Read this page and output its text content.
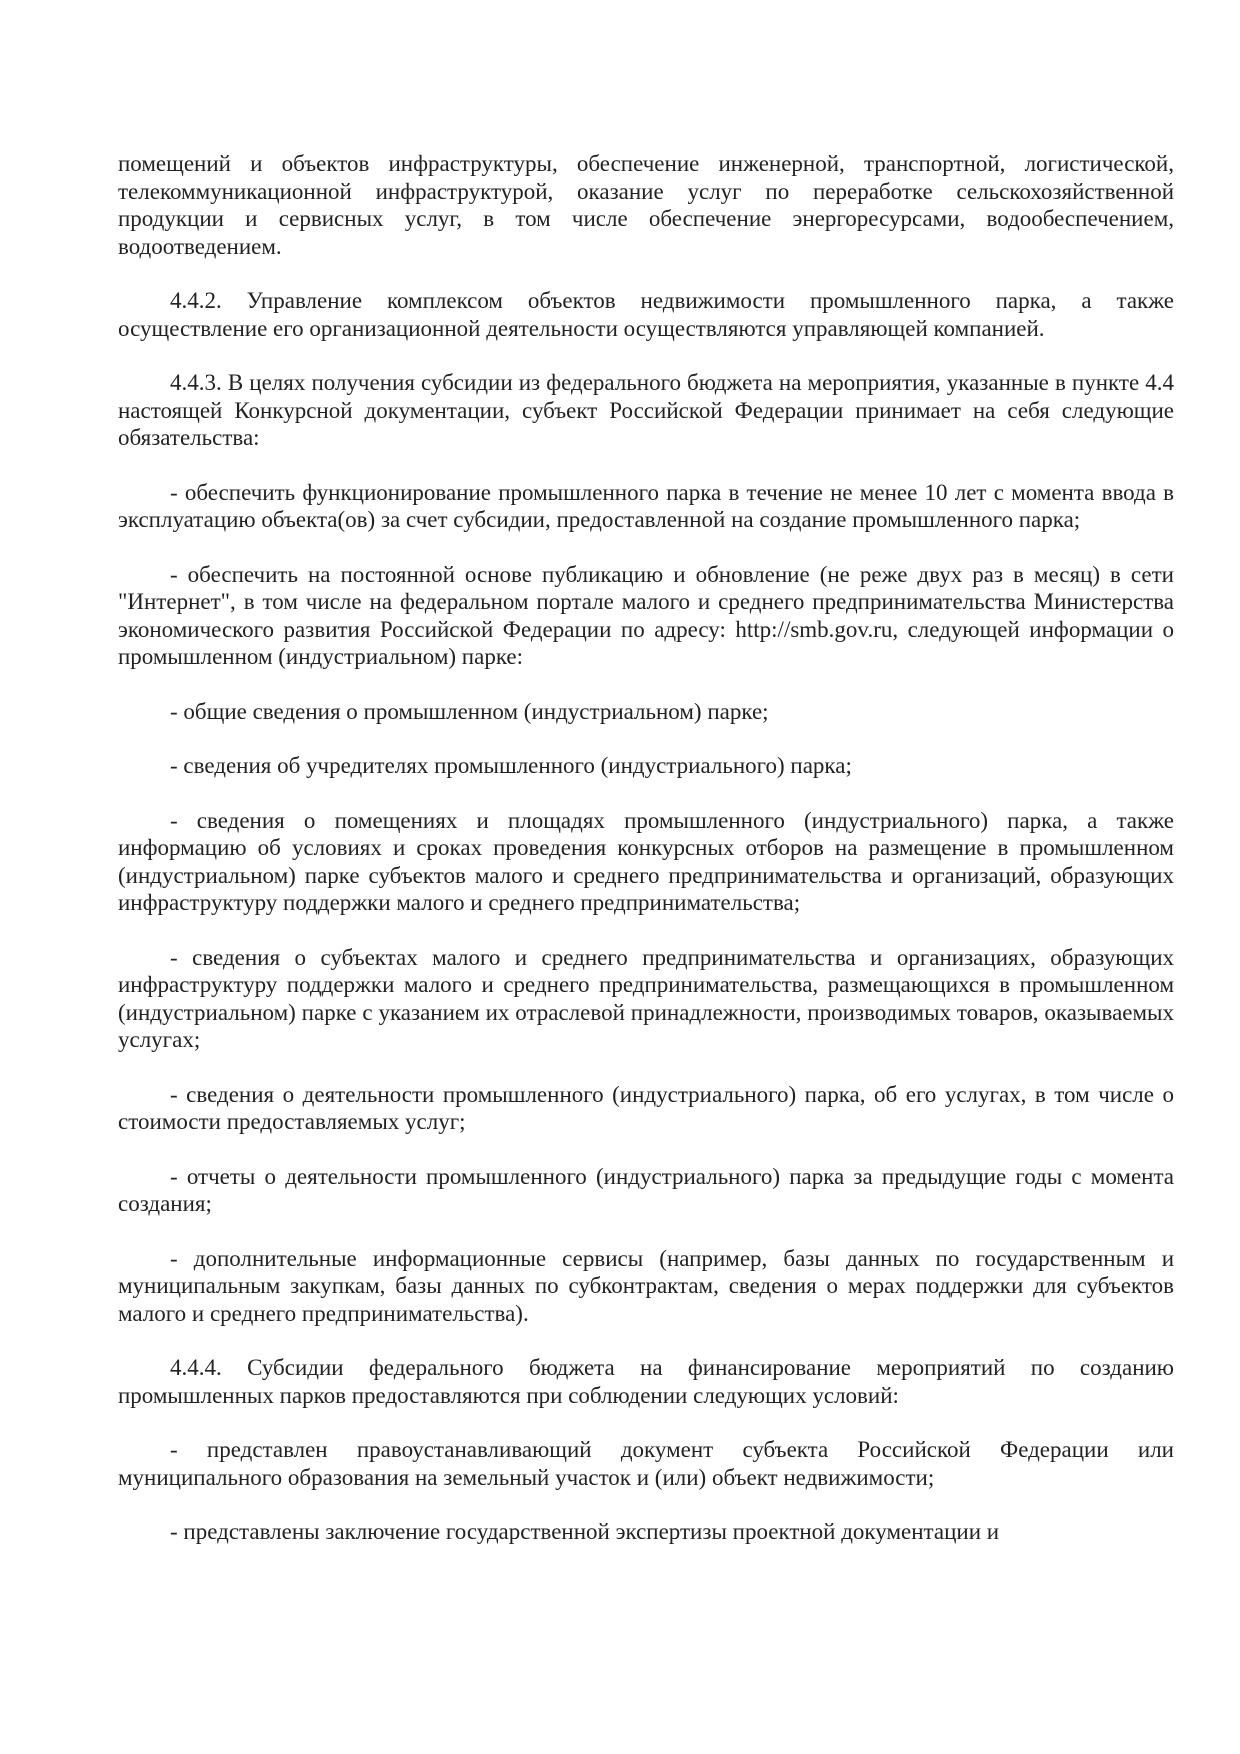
помещений и объектов инфраструктуры, обеспечение инженерной, транспортной, логистической, телекоммуникационной инфраструктурой, оказание услуг по переработке сельскохозяйственной продукции и сервисных услуг, в том числе обеспечение энергоресурсами, водообеспечением, водоотведением.

4.4.2. Управление комплексом объектов недвижимости промышленного парка, а также осуществление его организационной деятельности осуществляются управляющей компанией.

4.4.3. В целях получения субсидии из федерального бюджета на мероприятия, указанные в пункте 4.4 настоящей Конкурсной документации, субъект Российской Федерации принимает на себя следующие обязательства:

- обеспечить функционирование промышленного парка в течение не менее 10 лет с момента ввода в эксплуатацию объекта(ов) за счет субсидии, предоставленной на создание промышленного парка;

- обеспечить на постоянной основе публикацию и обновление (не реже двух раз в месяц) в сети "Интернет", в том числе на федеральном портале малого и среднего предпринимательства Министерства экономического развития Российской Федерации по адресу: http://smb.gov.ru, следующей информации о промышленном (индустриальном) парке:

- общие сведения о промышленном (индустриальном) парке;

- сведения об учредителях промышленного (индустриального) парка;

- сведения о помещениях и площадях промышленного (индустриального) парка, а также информацию об условиях и сроках проведения конкурсных отборов на размещение в промышленном (индустриальном) парке субъектов малого и среднего предпринимательства и организаций, образующих инфраструктуру поддержки малого и среднего предпринимательства;

- сведения о субъектах малого и среднего предпринимательства и организациях, образующих инфраструктуру поддержки малого и среднего предпринимательства, размещающихся в промышленном (индустриальном) парке с указанием их отраслевой принадлежности, производимых товаров, оказываемых услугах;

- сведения о деятельности промышленного (индустриального) парка, об его услугах, в том числе о стоимости предоставляемых услуг;

- отчеты о деятельности промышленного (индустриального) парка за предыдущие годы с момента создания;

- дополнительные информационные сервисы (например, базы данных по государственным и муниципальным закупкам, базы данных по субконтрактам, сведения о мерах поддержки для субъектов малого и среднего предпринимательства).

4.4.4. Субсидии федерального бюджета на финансирование мероприятий по созданию промышленных парков предоставляются при соблюдении следующих условий:

- представлен правоустанавливающий документ субъекта Российской Федерации или муниципального образования на земельный участок и (или) объект недвижимости;

- представлены заключение государственной экспертизы проектной документации и
